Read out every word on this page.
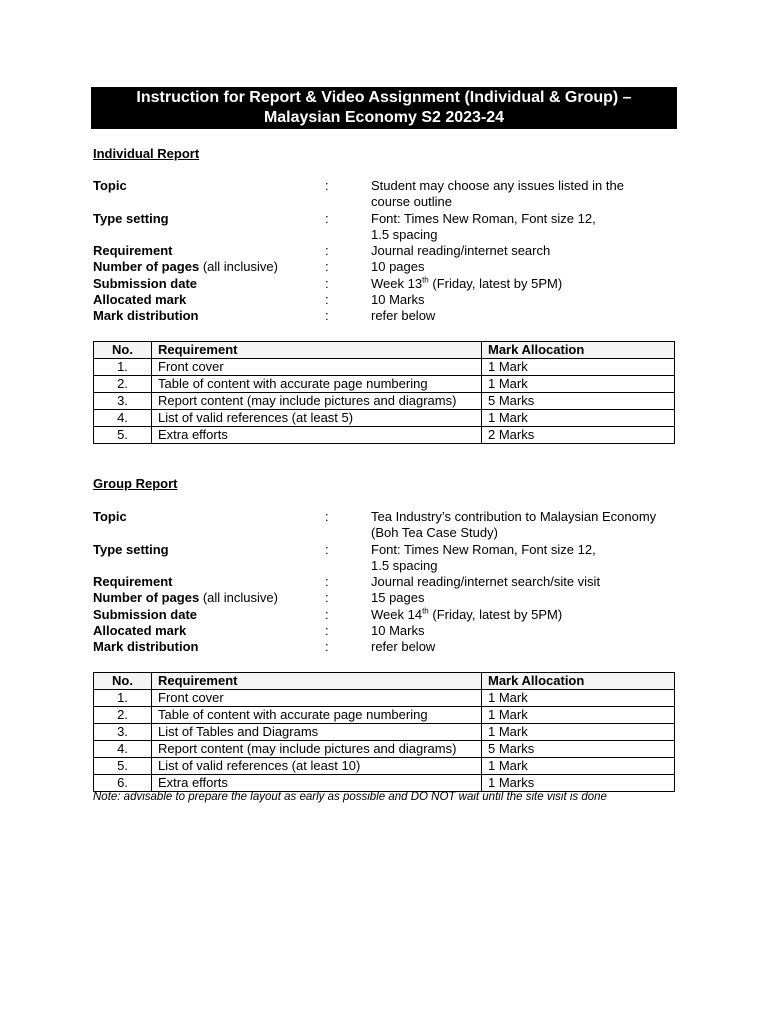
Instruction for Report & Video Assignment (Individual & Group) –
Malaysian Economy S2 2023-24
Individual Report
Topic	:	Student may choose any issues listed in the
course outline
Type setting	:	Font: Times New Roman, Font size 12,
1.5 spacing
Requirement	:	Journal reading/internet search
Number of pages (all inclusive)	:	10 pages
Submission date	:	Week 13th (Friday, latest by 5PM)
Allocated mark	:	10 Marks
Mark distribution	:	refer below
No.	Requirement	Mark Allocation
1.	Front cover	1 Mark
2.	Table of content with accurate page numbering	1 Mark
3.	Report content (may include pictures and diagrams)	5 Marks
4.	List of valid references (at least 5)	1 Mark
5.	Extra efforts	2 Marks
Group Report
Topic	:	Tea Industry’s contribution to Malaysian Economy
(Boh Tea Case Study)
Type setting	:	Font: Times New Roman, Font size 12,
1.5 spacing
Requirement	:	Journal reading/internet search/site visit
Number of pages (all inclusive)	:	15 pages
Submission date	:	Week 14th (Friday, latest by 5PM)
Allocated mark	:	10 Marks
Mark distribution	:	refer below
No.	Requirement	Mark Allocation
1.	Front cover	1 Mark
2.	Table of content with accurate page numbering	1 Mark
3.	List of Tables and Diagrams	1 Mark
4.	Report content (may include pictures and diagrams)	5 Marks
5.	List of valid references (at least 10)	1 Mark
6.	Extra efforts	1 Marks
Note: advisable to prepare the layout as early as possible and DO NOT wait until the site visit is done
